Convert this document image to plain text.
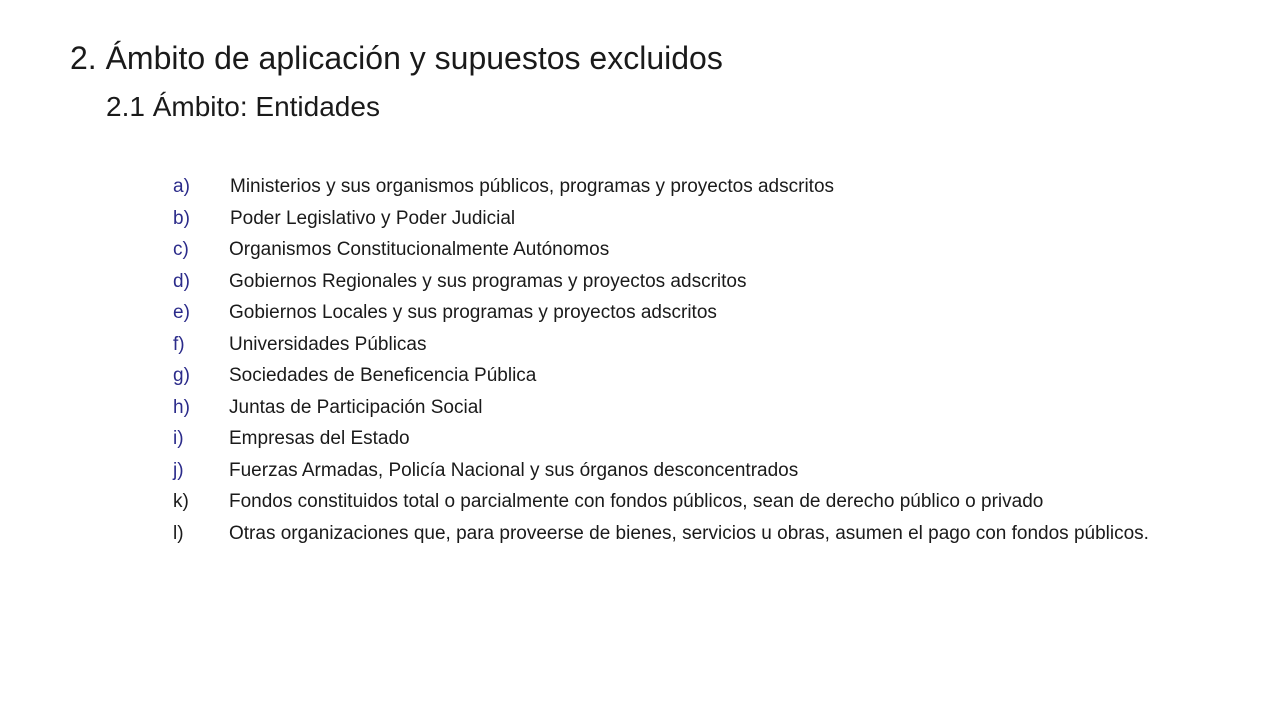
2. Ámbito de aplicación y supuestos excluidos
2.1 Ámbito: Entidades
a)	Ministerios y sus organismos públicos, programas y proyectos adscritos
b)	Poder Legislativo y Poder Judicial
c)	Organismos Constitucionalmente Autónomos
d)	Gobiernos Regionales y sus programas y proyectos adscritos
e)	Gobiernos Locales y sus programas y proyectos adscritos
f)	Universidades Públicas
g)	Sociedades de Beneficencia Pública
h)	Juntas de Participación Social
i)	Empresas del Estado
j)	Fuerzas Armadas, Policía Nacional y sus órganos desconcentrados
k)	Fondos constituidos total o parcialmente con fondos públicos, sean de derecho público o privado
l)	Otras organizaciones que, para proveerse de bienes, servicios u obras, asumen el pago con fondos públicos.
